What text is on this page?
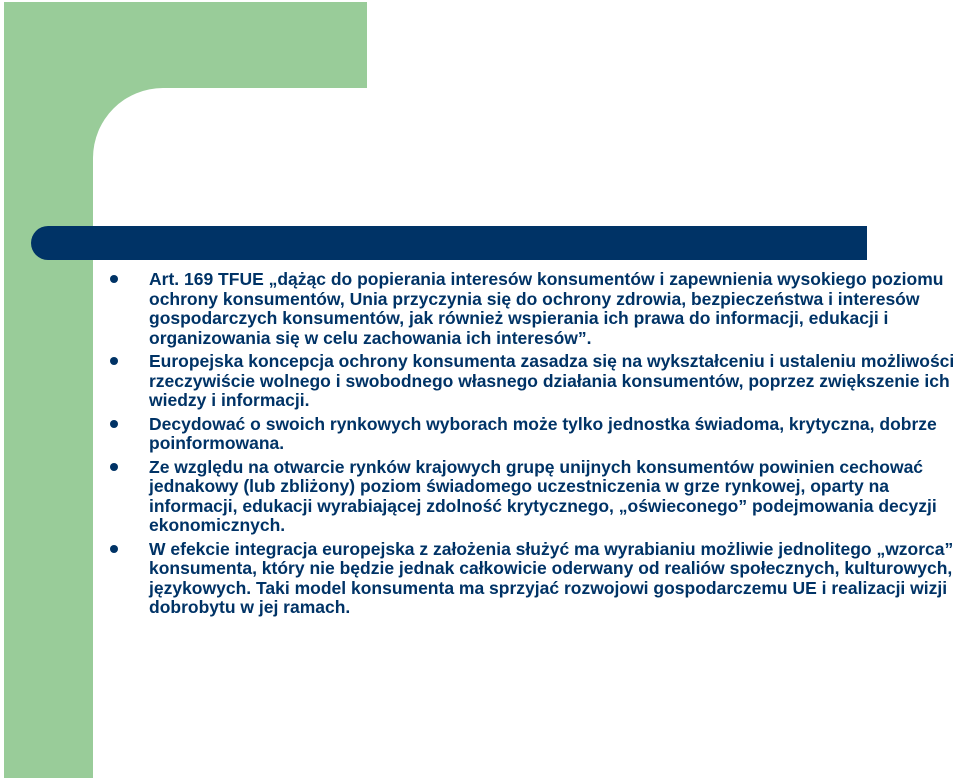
Art. 169 TFUE „dążąc do popierania interesów konsumentów i zapewnienia wysokiego poziomu ochrony konsumentów, Unia przyczynia się do ochrony zdrowia, bezpieczeństwa i interesów gospodarczych konsumentów, jak również wspierania ich prawa do informacji, edukacji i organizowania się w celu zachowania ich interesów”.
Europejska koncepcja ochrony konsumenta zasadza się na wykształceniu i ustaleniu możliwości rzeczywiście wolnego i swobodnego własnego działania konsumentów, poprzez zwiększenie ich wiedzy i informacji.
Decydować o swoich rynkowych wyborach może tylko jednostka świadoma, krytyczna, dobrze poinformowana.
Ze względu na otwarcie rynków krajowych grupę unijnych konsumentów powinien cechować jednakowy (lub zbliżony) poziom świadomego uczestniczenia w grze rynkowej, oparty na informacji, edukacji wyrabiającej zdolność krytycznego, „oświeconego” podejmowania decyzji ekonomicznych.
W efekcie integracja europejska z założenia służyć ma wyrabianiu możliwie jednolitego „wzorca” konsumenta, który nie będzie jednak całkowicie oderwany od realiów społecznych, kulturowych, językowych. Taki model konsumenta ma sprzyjać rozwojowi gospodarczemu UE i realizacji wizji dobrobytu w jej ramach.
